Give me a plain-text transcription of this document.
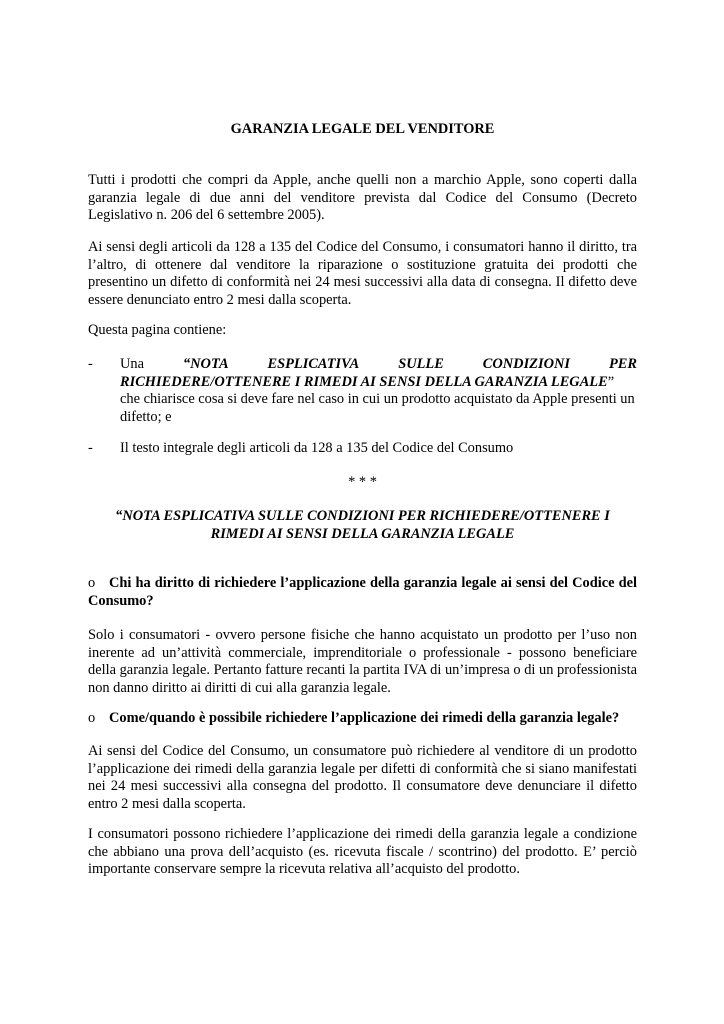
GARANZIA LEGALE DEL VENDITORE

Tutti i prodotti che compri da Apple, anche quelli non a marchio Apple, sono coperti dalla garanzia legale di due anni del venditore prevista dal Codice del Consumo (Decreto Legislativo n. 206 del 6 settembre 2005).

Ai sensi degli articoli da 128 a 135 del Codice del Consumo, i consumatori hanno il diritto, tra l’altro, di ottenere dal venditore la riparazione o sostituzione gratuita dei prodotti che presentino un difetto di conformità nei 24 mesi successivi alla data di consegna. Il difetto deve essere denunciato entro 2 mesi dalla scoperta.

Questa pagina contiene:

- Una	“NOTA	ESPLICATIVA	SULLE	CONDIZIONI	PER

RICHIEDERE/OTTENERE I RIMEDI AI SENSI DELLA GARANZIA LEGALE”

che chiarisce cosa si deve fare nel caso in cui un prodotto acquistato da Apple presenti un difetto; e

- Il testo integrale degli articoli da 128 a 135 del Codice del Consumo

* * *

“NOTA ESPLICATIVA SULLE CONDIZIONI PER RICHIEDERE/OTTENERE I
RIMEDI AI SENSI DELLA GARANZIA LEGALE

o Chi ha diritto di richiedere l’applicazione della garanzia legale ai sensi del Codice del Consumo?

Solo i consumatori - ovvero persone fisiche che hanno acquistato un prodotto per l’uso non inerente ad un’attività commerciale, imprenditoriale o professionale - possono beneficiare della garanzia legale. Pertanto fatture recanti la partita IVA di un’impresa o di un professionista non danno diritto ai diritti di cui alla garanzia legale.

o Come/quando è possibile richiedere l’applicazione dei rimedi della garanzia legale?

Ai sensi del Codice del Consumo, un consumatore può richiedere al venditore di un prodotto l’applicazione dei rimedi della garanzia legale per difetti di conformità che si siano manifestati nei 24 mesi successivi alla consegna del prodotto. Il consumatore deve denunciare il difetto entro 2 mesi dalla scoperta.

I consumatori possono richiedere l’applicazione dei rimedi della garanzia legale a condizione che abbiano una prova dell’acquisto (es. ricevuta fiscale / scontrino) del prodotto. E’ perciò importante conservare sempre la ricevuta relativa all’acquisto del prodotto.
